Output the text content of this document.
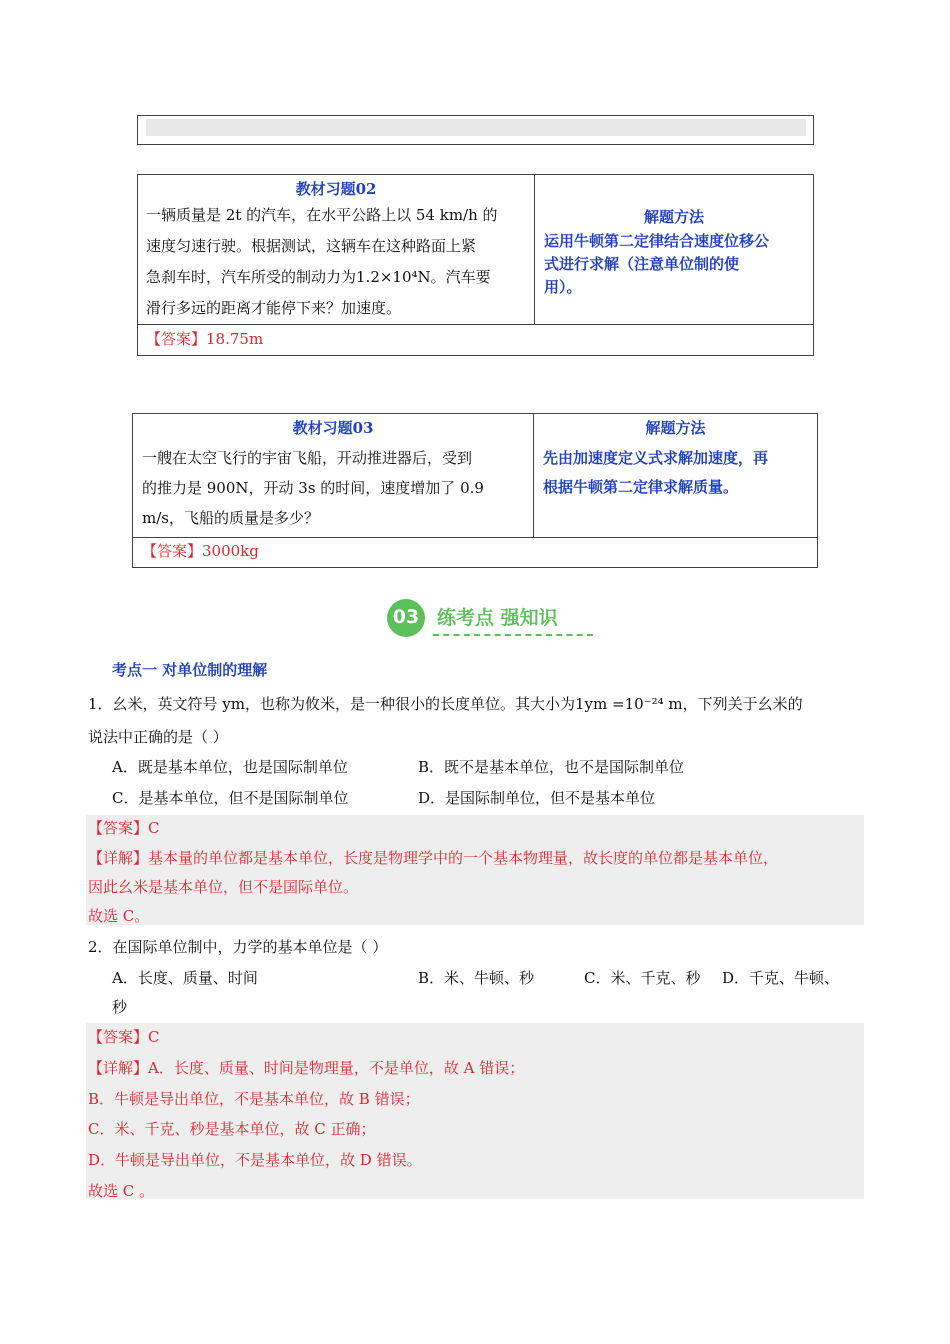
教材习题02
一辆质量是 2t 的汽车，在水平公路上以 54 km/h 的
速度匀速行驶。根据测试，这辆车在这种路面上紧
急刹车时，汽车所受的制动力为1.2×10⁴N。汽车要
滑行多远的距离才能停下来？加速度。
解题方法
运用牛顿第二定律结合速度位移公
式进行求解（注意单位制的使
用）。
【答案】18.75m
教材习题03
一艘在太空飞行的宇宙飞船，开动推进器后，受到
的推力是 900N，开动 3s 的时间，速度增加了 0.9
m/s，飞船的质量是多少？
解题方法
先由加速度定义式求解加速度，再
根据牛顿第二定律求解质量。
【答案】3000kg
03 练考点 强知识
考点一 对单位制的理解
1．幺米，英文符号 ym，也称为攸米，是一种很小的长度单位。其大小为1ym =10⁻²⁴ m，下列关于幺米的
说法中正确的是（ ）
A．既是基本单位，也是国际制单位	B．既不是基本单位，也不是国际制单位
C．是基本单位，但不是国际制单位	D．是国际制单位，但不是基本单位
【答案】C
【详解】基本量的单位都是基本单位，长度是物理学中的一个基本物理量，故长度的单位都是基本单位，
因此幺米是基本单位，但不是国际单位。
故选 C。
2．在国际单位制中，力学的基本单位是（ ）
A．长度、质量、时间	B．米、牛顿、秒	C．米、千克、秒 D．千克、牛顿、
秒
【答案】C
【详解】A．长度、质量、时间是物理量，不是单位，故 A 错误；
B．牛顿是导出单位，不是基本单位，故 B 错误；
C．米、千克、秒是基本单位，故 C 正确；
D．牛顿是导出单位，不是基本单位，故 D 错误。
故选 C 。
